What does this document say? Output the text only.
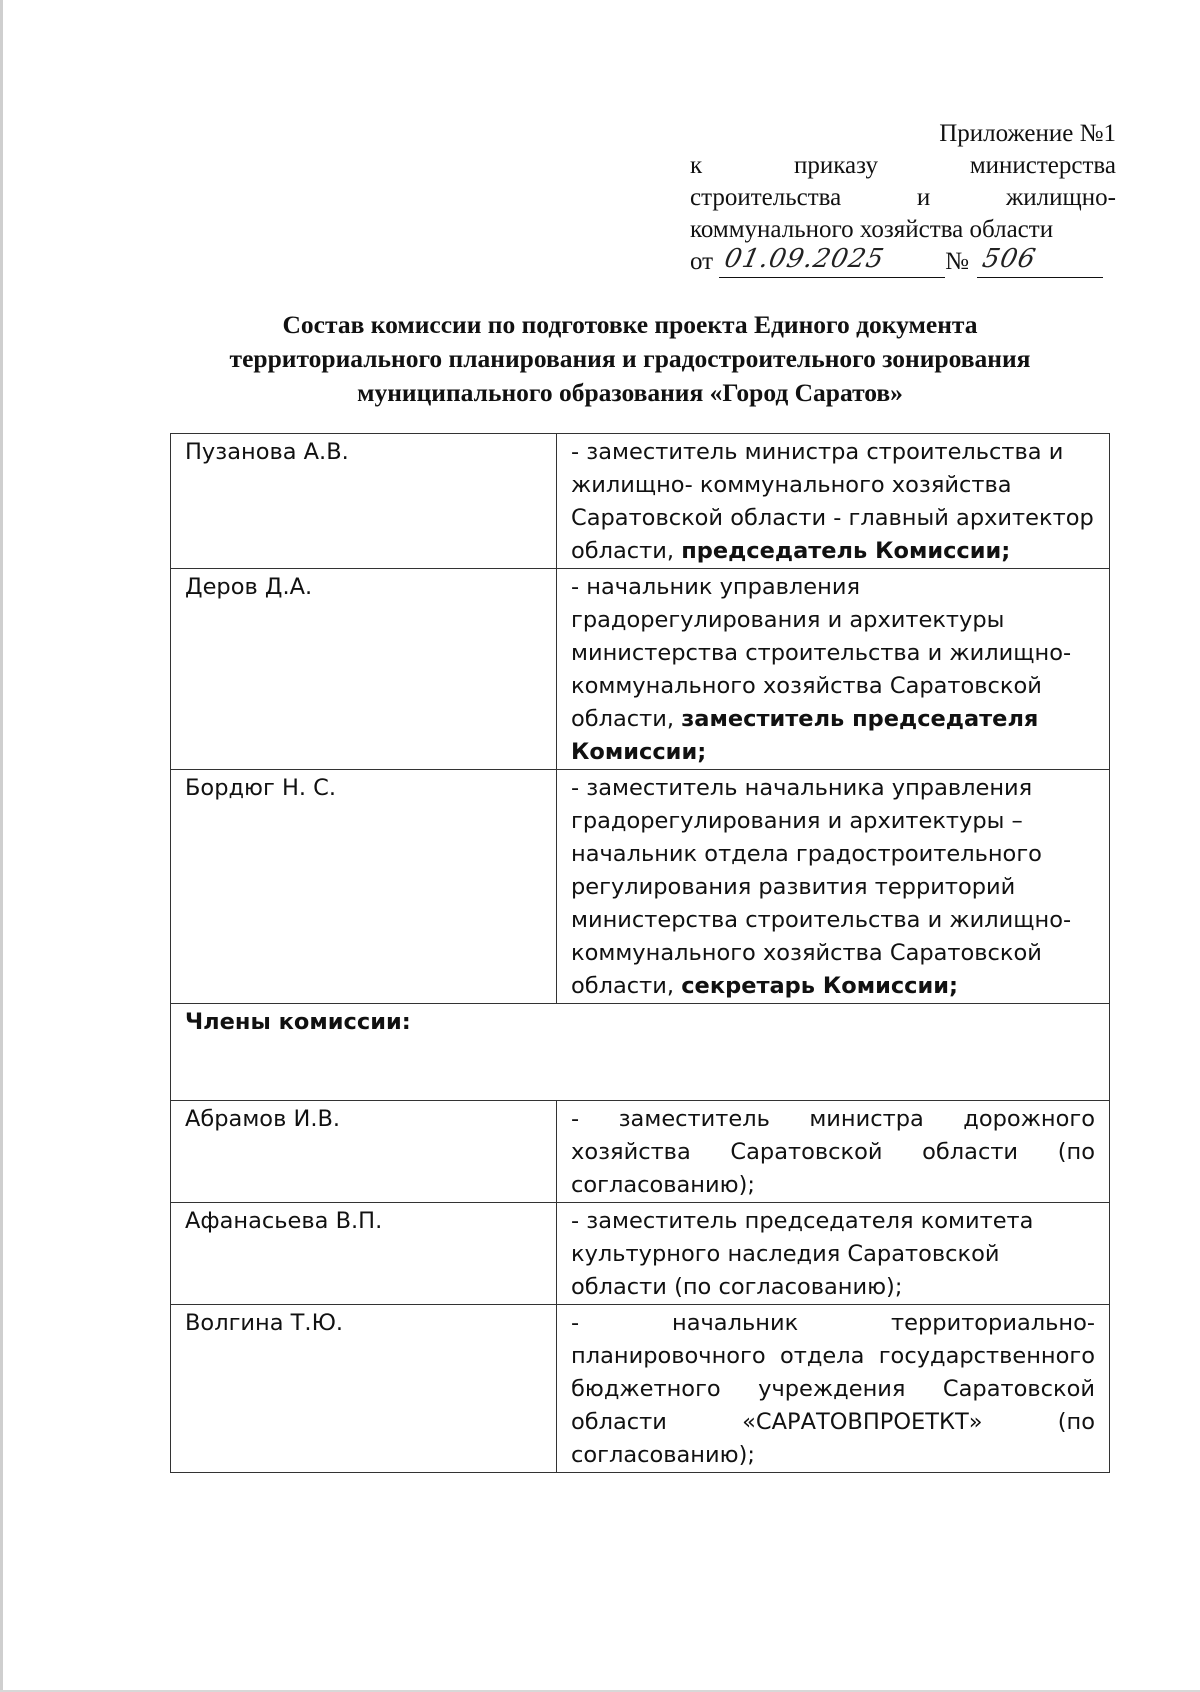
Приложение №1
к приказу министерства
строительства и жилищно-
коммунального хозяйства области
от 01.09.2025 № 506
Состав комиссии по подготовке проекта Единого документа
территориального планирования и градостроительного зонирования
муниципального образования «Город Саратов»
Пузанова А.В.	- заместитель министра строительства и жилищно- коммунального хозяйства Саратовской области - главный архитектор области, председатель Комиссии;
Деров Д.А.	- начальник управления градорегулирования и архитектуры министерства строительства и жилищно-коммунального хозяйства Саратовской области, заместитель председателя Комиссии;
Бордюг Н. С.	- заместитель начальника управления градорегулирования и архитектуры – начальник отдела градостроительного регулирования развития территорий министерства строительства и жилищно-коммунального хозяйства Саратовской области, секретарь Комиссии;
Члены комиссии:	
Абрамов И.В.	- заместитель министра дорожного хозяйства Саратовской области (по согласованию);
Афанасьева В.П.	- заместитель председателя комитета культурного наследия Саратовской области (по согласованию);
Волгина Т.Ю.	- начальник территориально-планировочного отдела государственного бюджетного учреждения Саратовской области «САРАТОВПРОЕТКТ» (по согласованию);
